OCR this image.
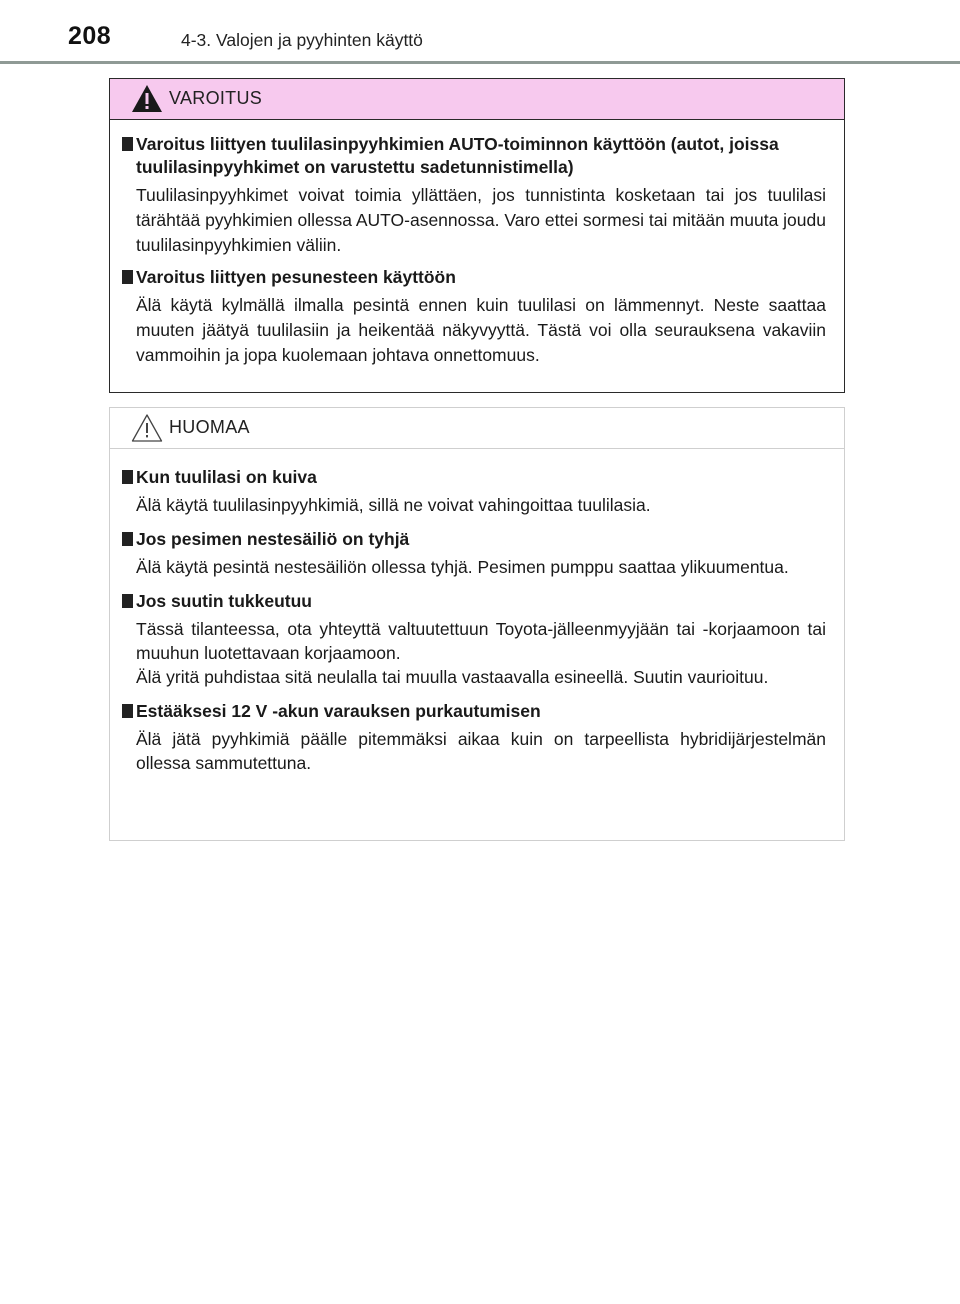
208	4-3. Valojen ja pyyhinten käyttö
VAROITUS
Varoitus liittyen tuulilasinpyyhkimien AUTO-toiminnon käyttöön (autot, joissa tuulilasinpyyhkimet on varustettu sadetunnistimella)
Tuulilasinpyyhkimet voivat toimia yllättäen, jos tunnistinta kosketaan tai jos tuulilasi tärähtää pyyhkimien ollessa AUTO-asennossa. Varo ettei sormesi tai mitään muuta joudu tuulilasinpyyhkimien väliin.
Varoitus liittyen pesunesteen käyttöön
Älä käytä kylmällä ilmalla pesintä ennen kuin tuulilasi on lämmennyt. Neste saattaa muuten jäätyä tuulilasiin ja heikentää näkyvyyttä. Tästä voi olla seurauksena vakaviin vammoihin ja jopa kuolemaan johtava onnettomuus.
HUOMAA
Kun tuulilasi on kuiva
Älä käytä tuulilasinpyyhkimiä, sillä ne voivat vahingoittaa tuulilasia.
Jos pesimen nestesäiliö on tyhjä
Älä käytä pesintä nestesäiliön ollessa tyhjä. Pesimen pumppu saattaa ylikuumentua.
Jos suutin tukkeutuu
Tässä tilanteessa, ota yhteyttä valtuutettuun Toyota-jälleenmyyjään tai -korjaamoon tai muuhun luotettavaan korjaamoon.
Älä yritä puhdistaa sitä neulalla tai muulla vastaavalla esineellä. Suutin vaurioituu.
Estääksesi 12 V -akun varauksen purkautumisen
Älä jätä pyyhkimiä päälle pitemmäksi aikaa kuin on tarpeellista hybridijärjestelmän ollessa sammutettuna.
